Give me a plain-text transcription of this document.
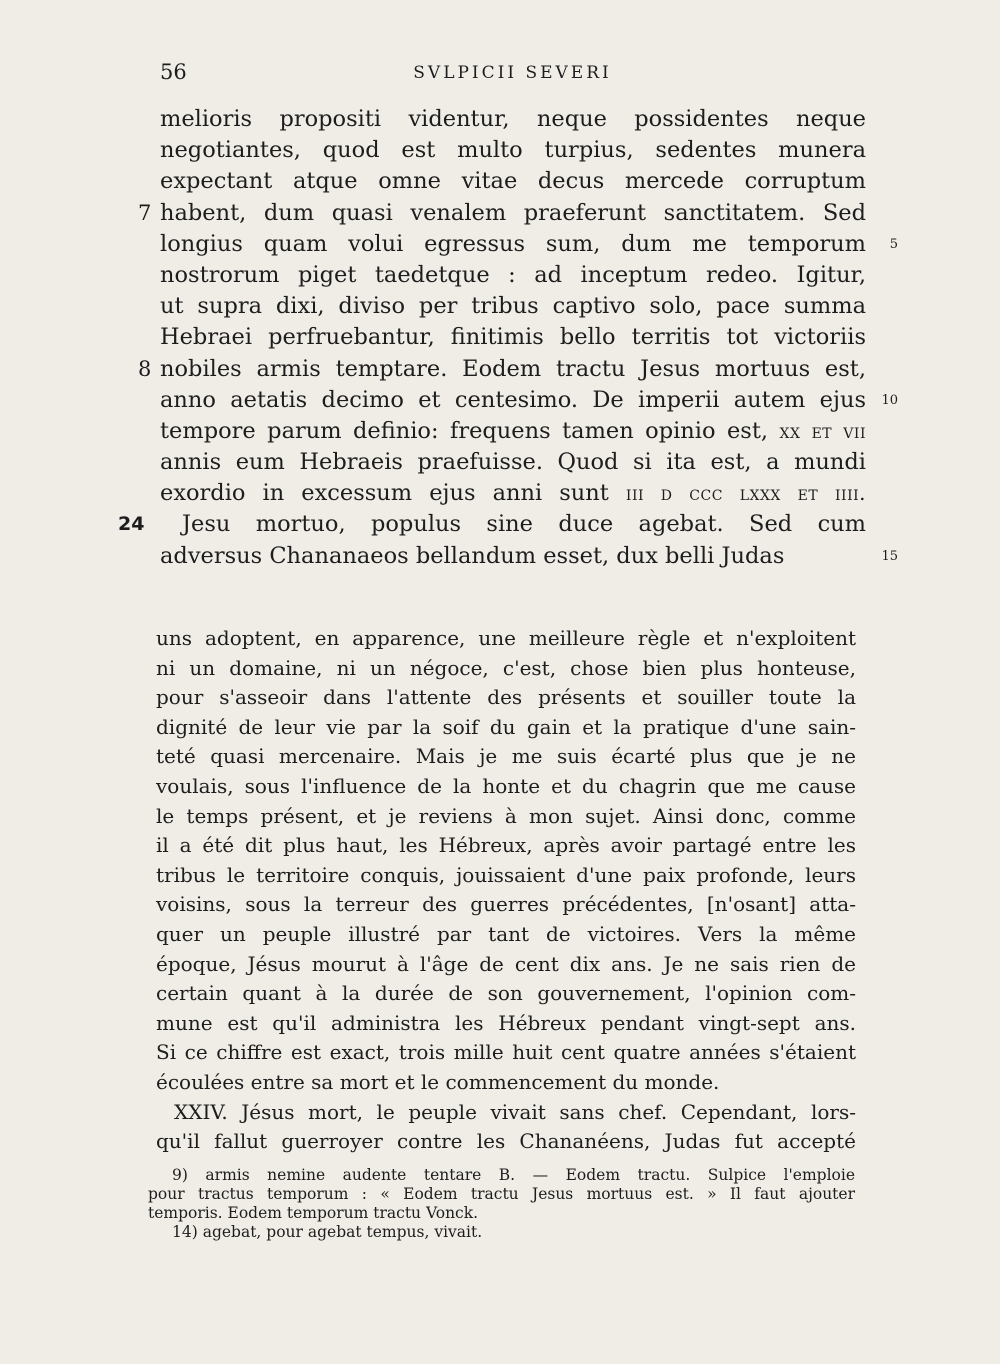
56	SVLPICII SEVERI
melioris propositi videntur, neque possidentes neque
negotiantes, quod est multo turpius, sedentes munera
expectant atque omne vitae decus mercede corruptum
habent, dum quasi venalem praeferunt sanctitatem. Sed
7
longius quam volui egressus sum, dum me temporum 5
nostrorum piget taedetque : ad inceptum redeo. Igitur,
ut supra dixi, diviso per tribus captivo solo, pace summa
Hebraei perfruebantur, finitimis bello territis tot victoriis
nobiles armis temptare. Eodem tractu Jesus mortuus est,
8
anno aetatis decimo et centesimo. De imperii autem ejus 10
tempore parum definio: frequens tamen opinio est, xx et vii
annis eum Hebraeis praefuisse. Quod si ita est, a mundi
exordio in excessum ejus anni sunt iii d ccc lxxx et iiii.
Jesu mortuo, populus sine duce agebat. Sed cum
24
adversus Chananaeos bellandum esset, dux belli Judas	15
uns adoptent, en apparence, une meilleure règle et n'exploitent
ni un domaine, ni un négoce, c'est, chose bien plus honteuse,
pour s'asseoir dans l'attente des présents et souiller toute la
dignité de leur vie par la soif du gain et la pratique d'une sain-
teté quasi mercenaire. Mais je me suis écarté plus que je ne
voulais, sous l'influence de la honte et du chagrin que me cause
le temps présent, et je reviens à mon sujet. Ainsi donc, comme
il a été dit plus haut, les Hébreux, après avoir partagé entre les
tribus le territoire conquis, jouissaient d'une paix profonde, leurs
voisins, sous la terreur des guerres précédentes, [n'osant] atta-
quer un peuple illustré par tant de victoires. Vers la même
époque, Jésus mourut à l'âge de cent dix ans. Je ne sais rien de
certain quant à la durée de son gouvernement, l'opinion com-
mune est qu'il administra les Hébreux pendant vingt-sept ans.
Si ce chiffre est exact, trois mille huit cent quatre années s'étaient
écoulées entre sa mort et le commencement du monde.
XXIV. Jésus mort, le peuple vivait sans chef. Cependant, lors-
qu'il fallut guerroyer contre les Chananéens, Judas fut accepté
9) armis nemine audente tentare B. — Eodem tractu. Sulpice l'emploie
pour tractus temporum : « Eodem tractu Jesus mortuus est. » Il faut ajouter
temporis. Eodem temporum tractu Vonck.
14) agebat, pour agebat tempus, vivait.
